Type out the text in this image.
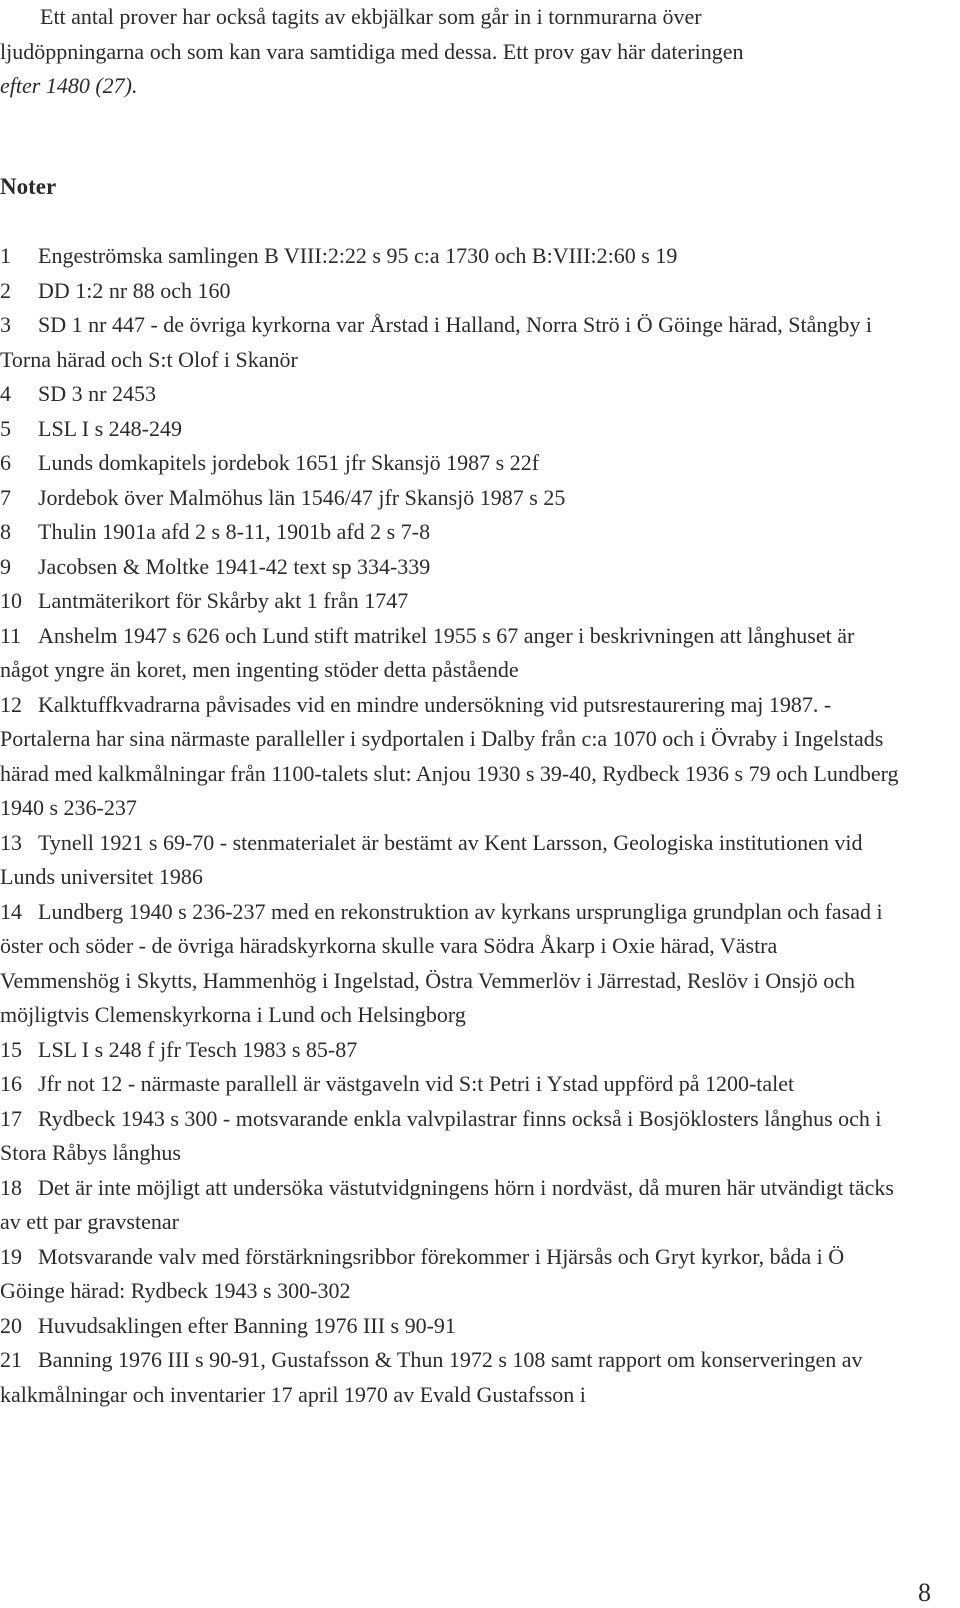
Ett antal prover har också tagits av ekbjälkar som går in i tornmurarna över
ljudöppningarna och som kan vara samtidiga med dessa. Ett prov gav här dateringen
efter 1480 (27).

Noter
1 Engeströmska samlingen B VIII:2:22 s 95 c:a 1730 och B:VIII:2:60 s 19
2 DD 1:2 nr 88 och 160
3 SD 1 nr 447 - de övriga kyrkorna var Årstad i Halland, Norra Strö i Ö Göinge härad, Stångby i Torna härad och S:t Olof i Skanör
4 SD 3 nr 2453
5 LSL I s 248-249
6 Lunds domkapitels jordebok 1651 jfr Skansjö 1987 s 22f
7 Jordebok över Malmöhus län 1546/47 jfr Skansjö 1987 s 25
8 Thulin 1901a afd 2 s 8-11, 1901b afd 2 s 7-8
9 Jacobsen & Moltke 1941-42 text sp 334-339
10 Lantmäterikort för Skårby akt 1 från 1747
11 Anshelm 1947 s 626 och Lund stift matrikel 1955 s 67 anger i beskrivningen att långhuset är något yngre än koret, men ingenting stöder detta påstående
12 Kalktuffkvadrarna påvisades vid en mindre undersökning vid putsrestaurering maj 1987. - Portalerna har sina närmaste paralleller i sydportalen i Dalby från c:a 1070 och i Övraby i Ingelstads härad med kalkmålningar från 1100-talets slut: Anjou 1930 s 39-40, Rydbeck 1936 s 79 och Lundberg 1940 s 236-237
13 Tynell 1921 s 69-70 - stenmaterialet är bestämt av Kent Larsson, Geologiska institutionen vid Lunds universitet 1986
14 Lundberg 1940 s 236-237 med en rekonstruktion av kyrkans ursprungliga grundplan och fasad i öster och söder - de övriga häradskyrkorna skulle vara Södra Åkarp i Oxie härad, Västra Vemmenshög i Skytts, Hammenhög i Ingelstad, Östra Vemmerlöv i Järrestad, Reslöv i Onsjö och möjligtvis Clemenskyrkorna i Lund och Helsingborg
15 LSL I s 248 f jfr Tesch 1983 s 85-87
16 Jfr not 12 - närmaste parallell är västgaveln vid S:t Petri i Ystad uppförd på 1200-talet
17 Rydbeck 1943 s 300 - motsvarande enkla valvpilastrar finns också i Bosjöklosters långhus och i Stora Råbys långhus
18 Det är inte möjligt att undersöka västutvidgningens hörn i nordväst, då muren här utvändigt täcks av ett par gravstenar
19 Motsvarande valv med förstärkningsribbor förekommer i Hjärsås och Gryt kyrkor, båda i Ö Göinge härad: Rydbeck 1943 s 300-302
20 Huvudsaklingen efter Banning 1976 III s 90-91
21 Banning 1976 III s 90-91, Gustafsson & Thun 1972 s 108 samt rapport om konserveringen av kalkmålningar och inventarier 17 april 1970 av Evald Gustafsson i
8
